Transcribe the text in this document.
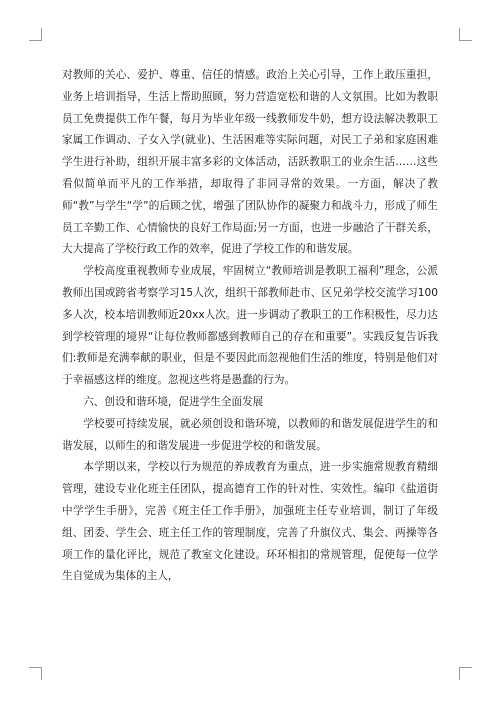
对教师的关心、爱护、尊重、信任的情感。政治上关心引导，工作上敢压重担，业务上培训指导，生活上帮助照顾，努力营造宽松和谐的人文氛围。比如为教职员工免费提供工作午餐，每月为毕业年级一线教师发牛奶，想方设法解决教职工家属工作调动、子女入学(就业)、生活困难等实际问题，对民工子弟和家庭困难学生进行补助，组织开展丰富多彩的文体活动，活跃教职工的业余生活……这些看似简单而平凡的工作举措，却取得了非同寻常的效果。一方面，解决了教师“教”与学生“学”的后顾之忧，增强了团队协作的凝聚力和战斗力，形成了师生员工辛勤工作、心情愉快的良好工作局面;另一方面，也进一步融洽了干群关系，大大提高了学校行政工作的效率，促进了学校工作的和谐发展。

学校高度重视教师专业成展，牢固树立“教师培训是教职工福利”理念，公派教师出国或跨省考察学习15人次，组织干部教师赴市、区兄弟学校交流学习100多人次，校本培训教师近20xx人次。进一步调动了教职工的工作积极性，尽力达到学校管理的境界“让每位教师都感到教师自己的存在和重要”。实践反复告诉我们:教师是充满奉献的职业，但是不要因此而忽视他们生活的维度，特别是他们对于幸福感这样的维度。忽视这些将是愚蠢的行为。

六、创设和谐环境，促进学生全面发展

学校要可持续发展，就必须创设和谐环境，以教师的和谐发展促进学生的和谐发展，以师生的和谐发展进一步促进学校的和谐发展。

本学期以来，学校以行为规范的养成教育为重点，进一步实施常规教育精细管理，建设专业化班主任团队，提高德育工作的针对性、实效性。编印《盐道街中学学生手册》，完善《班主任工作手册》，加强班主任专业培训，制订了年级组、团委、学生会、班主任工作的管理制度，完善了升旗仪式、集会、两操等各项工作的量化评比，规范了教室文化建设。环环相扣的常规管理，促使每一位学生自觉成为集体的主人，
